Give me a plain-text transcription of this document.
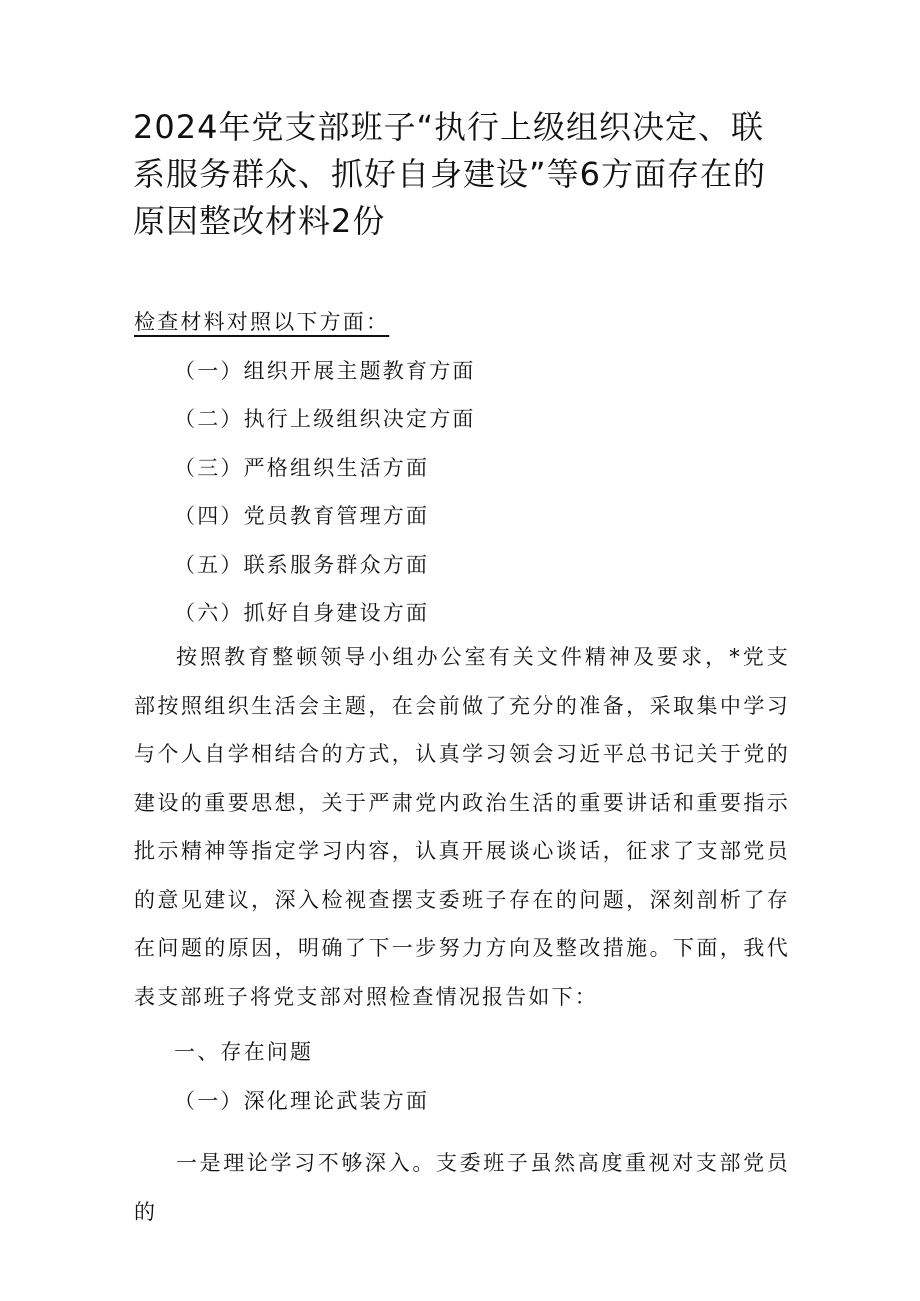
2024年党支部班子“执行上级组织决定、联系服务群众、抓好自身建设”等6方面存在的原因整改材料2份
检查材料对照以下方面：
（一）组织开展主题教育方面
（二）执行上级组织决定方面
（三）严格组织生活方面
（四）党员教育管理方面
（五）联系服务群众方面
（六）抓好自身建设方面

按照教育整顿领导小组办公室有关文件精神及要求，*党支部按照组织生活会主题，在会前做了充分的准备，采取集中学习与个人自学相结合的方式，认真学习领会习近平总书记关于党的建设的重要思想，关于严肃党内政治生活的重要讲话和重要指示批示精神等指定学习内容，认真开展谈心谈话，征求了支部党员的意见建议，深入检视查摆支委班子存在的问题，深刻剖析了存在问题的原因，明确了下一步努力方向及整改措施。下面，我代表支部班子将党支部对照检查情况报告如下：

一、存在问题
（一）深化理论武装方面

一是理论学习不够深入。支委班子虽然高度重视对支部党员的
